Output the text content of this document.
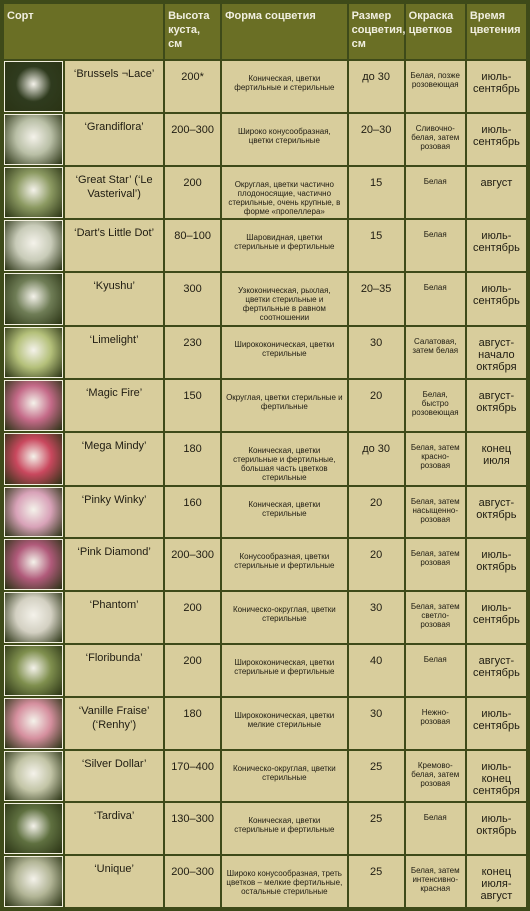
Сорт		Высота куста, см	Форма соцветия	Размер соцветия, см	Окраска цветков	Время цветения

	‘Brussels ¬Lace’	200*	Коническая, цветки фертильные и стерильные	до 30	Белая, позже розовеющая	июль-сентябрь

	‘Grandiflora’	200–300	Широко конусообразная, цветки стерильные	20–30	Сливочно-белая, затем розовая	июль-сентябрь

	‘Great Star’ (‘Le Vasterival’)	200	Округлая, цветки частично плодоносящие, частично стерильные, очень крупные, в форме «пропеллера»	15	Белая	август

	‘Dart’s Little Dot’	80–100	Шаровидная, цветки стерильные и фертильные	15	Белая	июль-сентябрь

	‘Kyushu’	300	Узкоконическая, рыхлая, цветки стерильные и фертильные в равном соотношении	20–35	Белая	июль-сентябрь

	‘Limelight’	230	Ширококоническая, цветки стерильные	30	Салатовая, затем белая	август-начало октября

	‘Magic Fire’	150	Округлая, цветки стерильные и фертильные	20	Белая, быстро розовеющая	август-октябрь

	‘Mega Mindy’	180	Коническая, цветки стерильные и фертильные, большая часть цветков стерильные	до 30	Белая, затем красно-розовая	конец июля

	‘Pinky Winky’	160	Коническая, цветки стерильные	20	Белая, затем насыщенно-розовая	август-октябрь

	‘Pink Diamond’	200–300	Конусообразная, цветки стерильные и фертильные	20	Белая, затем розовая	июль-октябрь

	‘Phantom’	200	Коническо-округлая, цветки стерильные	30	Белая, затем светло-розовая	июль-сентябрь

	‘Floribunda’	200	Ширококоническая, цветки стерильные и фертильные	40	Белая	август-сентябрь

	‘Vanille Fraise’ (‘Renhy’)	180	Ширококоническая, цветки мелкие стерильные	30	Нежно-розовая	июль-сентябрь

	‘Silver Dollar’	170–400	Коническо-округлая, цветки стерильные	25	Кремово-белая, затем розовая	июль-конец сентября

	‘Tardiva’	130–300	Коническая, цветки стерильные и фертильные	25	Белая	июль-октябрь

	‘Unique’	200–300	Широко конусообразная, треть цветков – мелкие фертильные, остальные стерильные	25	Белая, затем интенсивно-красная	конец июля-август
